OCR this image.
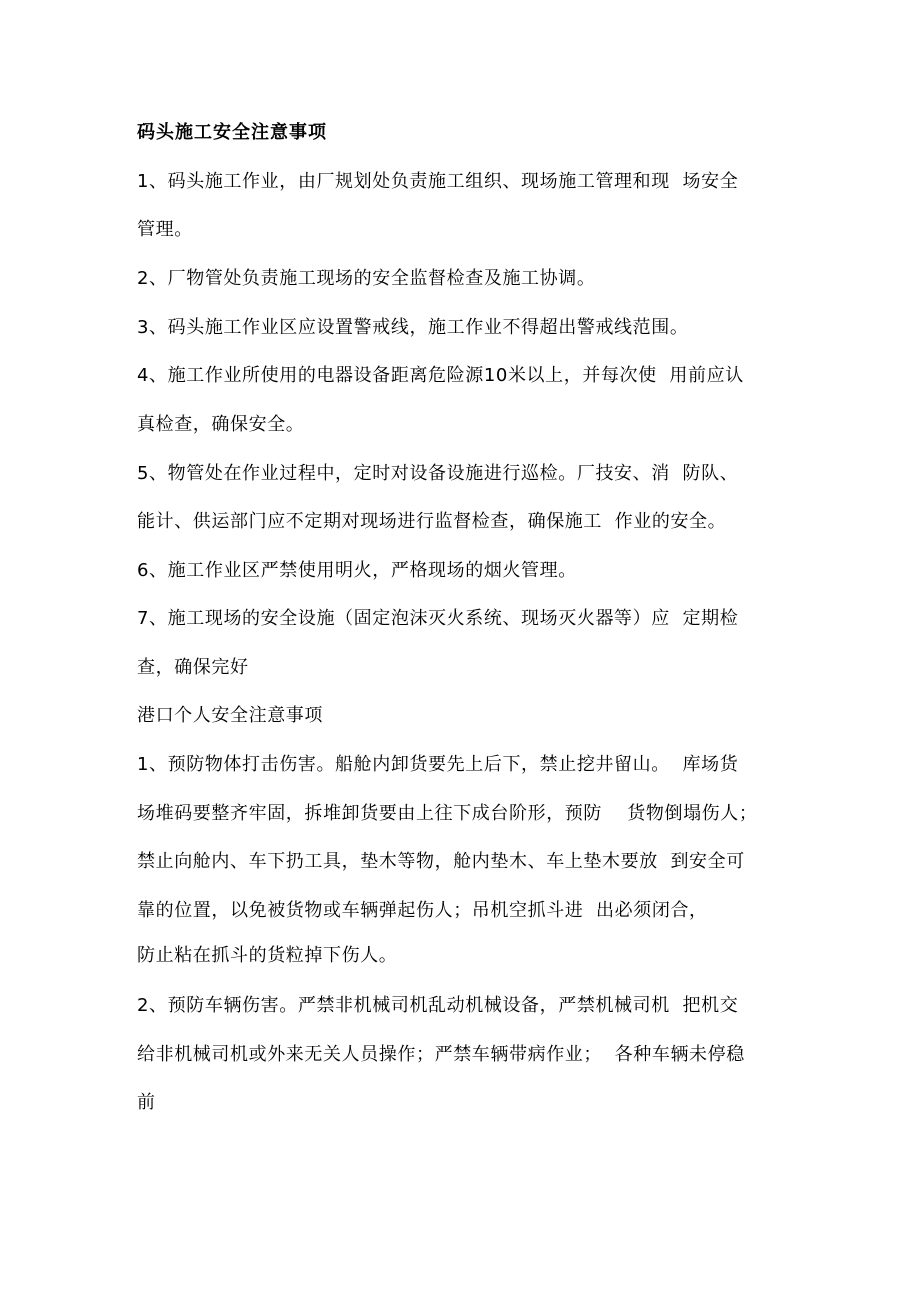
码头施工安全注意事项
1、码头施工作业，由厂规划处负责施工组织、现场施工管理和现  场安全
管理。
2、厂物管处负责施工现场的安全监督检查及施工协调。
3、码头施工作业区应设置警戒线，施工作业不得超出警戒线范围。
4、施工作业所使用的电器设备距离危险源10米以上，并每次使  用前应认
真检查，确保安全。
5、物管处在作业过程中，定时对设备设施进行巡检。厂技安、消  防队、
能计、供运部门应不定期对现场进行监督检查，确保施工  作业的安全。
6、施工作业区严禁使用明火，严格现场的烟火管理。
7、施工现场的安全设施（固定泡沫灭火系统、现场灭火器等）应  定期检
查，确保完好
港口个人安全注意事项
1、预防物体打击伤害。船舱内卸货要先上后下，禁止挖井留山。  库场货
场堆码要整齐牢固，拆堆卸货要由上往下成台阶形，预防    货物倒塌伤人；
禁止向舱内、车下扔工具，垫木等物，舱内垫木、车上垫木要放  到安全可
靠的位置，以免被货物或车辆弹起伤人；吊机空抓斗进  出必须闭合，
防止粘在抓斗的货粒掉下伤人。
2、预防车辆伤害。严禁非机械司机乱动机械设备，严禁机械司机  把机交
给非机械司机或外来无关人员操作；严禁车辆带病作业；  各种车辆未停稳
前
